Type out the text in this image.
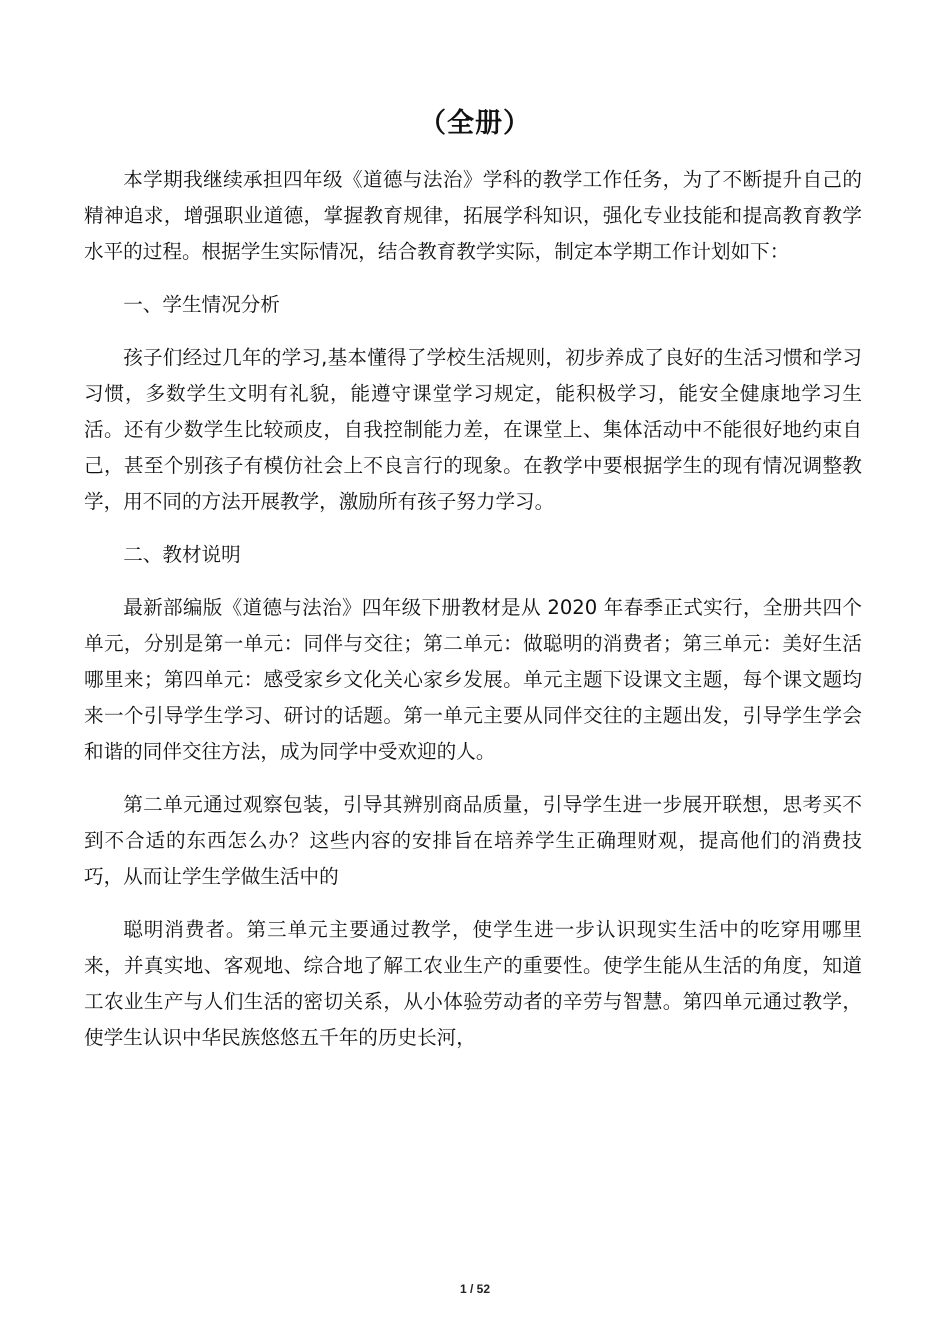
（全册）

本学期我继续承担四年级《道德与法治》学科的教学工作任务，为了不断提升自己的精神追求，增强职业道德，掌握教育规律，拓展学科知识，强化专业技能和提高教育教学水平的过程。根据学生实际情况，结合教育教学实际，制定本学期工作计划如下：

一、学生情况分析

孩子们经过几年的学习,基本懂得了学校生活规则，初步养成了良好的生活习惯和学习习惯，多数学生文明有礼貌，能遵守课堂学习规定，能积极学习，能安全健康地学习生活。还有少数学生比较顽皮，自我控制能力差，在课堂上、集体活动中不能很好地约束自己，甚至个别孩子有模仿社会上不良言行的现象。在教学中要根据学生的现有情况调整教学，用不同的方法开展教学，激励所有孩子努力学习。

二、教材说明

最新部编版《道德与法治》四年级下册教材是从 2020 年春季正式实行，全册共四个单元，分别是第一单元：同伴与交往；第二单元：做聪明的消费者；第三单元：美好生活哪里来；第四单元：感受家乡文化关心家乡发展。单元主题下设课文主题，每个课文题均来一个引导学生学习、研讨的话题。第一单元主要从同伴交往的主题出发，引导学生学会和谐的同伴交往方法，成为同学中受欢迎的人。

第二单元通过观察包装，引导其辨别商品质量，引导学生进一步展开联想，思考买不到不合适的东西怎么办？这些内容的安排旨在培养学生正确理财观，提高他们的消费技巧，从而让学生学做生活中的

聪明消费者。第三单元主要通过教学，使学生进一步认识现实生活中的吃穿用哪里来，并真实地、客观地、综合地了解工农业生产的重要性。使学生能从生活的角度，知道工农业生产与人们生活的密切关系，从小体验劳动者的辛劳与智慧。第四单元通过教学，使学生认识中华民族悠悠五千年的历史长河，

1 / 52
